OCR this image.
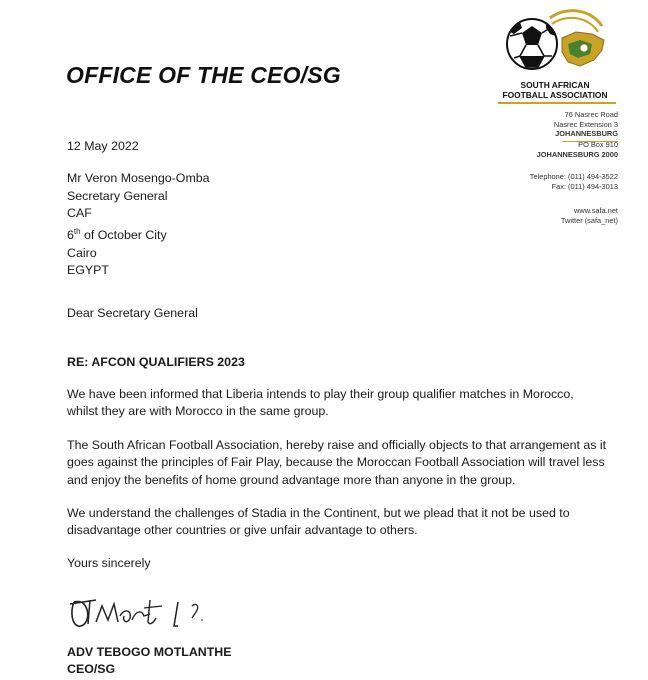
SOUTH AFRICAN
FOOTBALL ASSOCIATION
76 Nasrec Road
Nasrec Extension 3
JOHANNESBURG
PO Box 910
JOHANNESBURG 2000
Telephone: (011) 494-3522
Fax: (011) 494-3013
www.safa.net
Twitter (safa_net)
OFFICE OF THE CEO/SG
12 May 2022
Mr Veron Mosengo-Omba
Secretary General
CAF
6th of October City
Cairo
EGYPT
Dear Secretary General
RE: AFCON QUALIFIERS 2023
We have been informed that Liberia intends to play their group qualifier matches in Morocco, whilst they are with Morocco in the same group.
The South African Football Association, hereby raise and officially objects to that arrangement as it goes against the principles of Fair Play, because the Moroccan Football Association will travel less and enjoy the benefits of home ground advantage more than anyone in the group.
We understand the challenges of Stadia in the Continent, but we plead that it not be used to disadvantage other countries or give unfair advantage to others.
Yours sincerely
ADV TEBOGO MOTLANTHE
CEO/SG
